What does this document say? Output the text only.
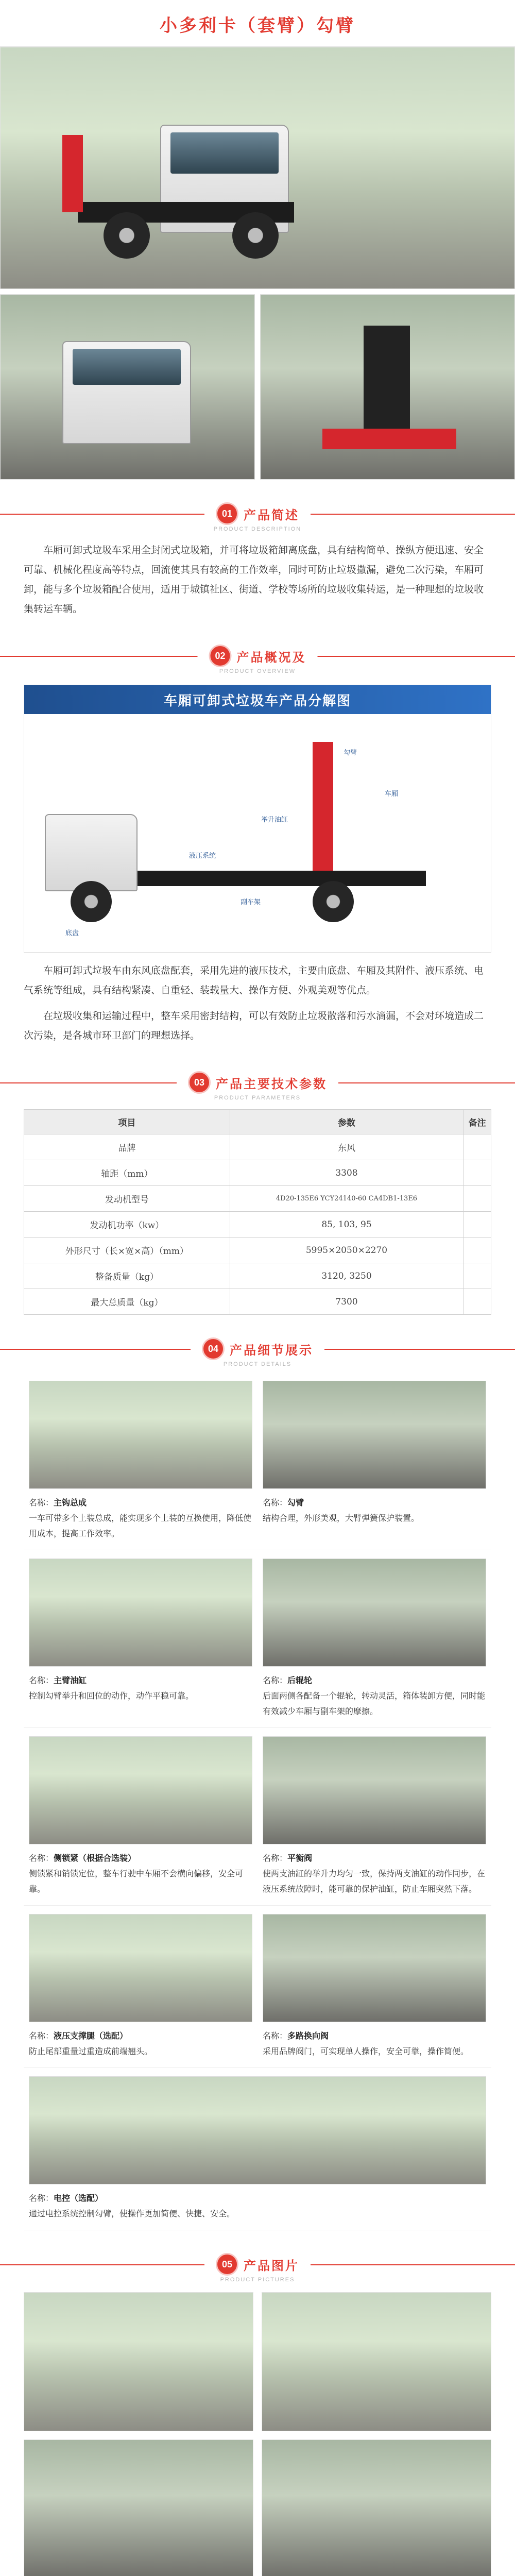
小多利卡（套臂）勾臂
01 产品简述
PRODUCT DESCRIPTION

车厢可卸式垃圾车采用全封闭式垃圾箱，并可将垃圾箱卸离底盘，具有结构简单、操纵方便迅速、安全可靠、机械化程度高等特点，回流使其具有较高的工作效率，同时可防止垃圾撒漏，避免二次污染，车厢可卸，能与多个垃圾箱配合使用，适用于城镇社区、街道、学校等场所的垃圾收集转运，是一种理想的垃圾收集转运车辆。

02 产品概况及
PRODUCT OVERVIEW
车厢可卸式垃圾车产品分解图
勾臂
车厢
底盘
液压系统
举升油缸
副车架

车厢可卸式垃圾车由东风底盘配套，采用先进的液压技术，主要由底盘、车厢及其附件、液压系统、电气系统等组成，具有结构紧凑、自重轻、装载量大、操作方便、外观美观等优点。

在垃圾收集和运输过程中，整车采用密封结构，可以有效防止垃圾散落和污水滴漏，不会对环境造成二次污染，是各城市环卫部门的理想选择。

03 产品主要技术参数
PRODUCT PARAMETERS
项目	参数	备注
品牌	东风	
轴距（mm）	3308	
发动机型号	4D20-135E6 YCY24140-60 CA4DB1-13E6	
发动机功率（kw）	85, 103, 95	
外形尺寸（长×宽×高）（mm）	5995×2050×2270	
整备质量（kg）	3120, 3250	
最大总质量（kg）	7300	
04 产品细节展示
PRODUCT DETAILS
名称：主钩总成
一车可带多个上装总成，能实现多个上装的互换使用，降低使用成本，提高工作效率。
名称：勾臂
结构合理，外形美观，大臂弹簧保护装置。
名称：主臂油缸
控制勾臂举升和回位的动作，动作平稳可靠。
名称：后辊轮
后面两侧各配备一个辊轮，转动灵活，箱体装卸方便，同时能有效减少车厢与副车架的摩擦。
名称：侧锁紧（根据合选装）
侧锁紧和销锁定位，整车行驶中车厢不会横向偏移，安全可靠。
名称：平衡阀
使两支油缸的举升力均匀一致，保持两支油缸的动作同步，在液压系统故障时，能可靠的保护油缸，防止车厢突然下落。
名称：液压支撑腿（选配）
防止尾部重量过重造成前端翘头。
名称：多路换向阀
采用品牌阀门，可实现单人操作，安全可靠，操作简便。
名称：电控（选配）
通过电控系统控制勾臂，使操作更加简便、快捷、安全。
05 产品图片
PRODUCT PICTURES
